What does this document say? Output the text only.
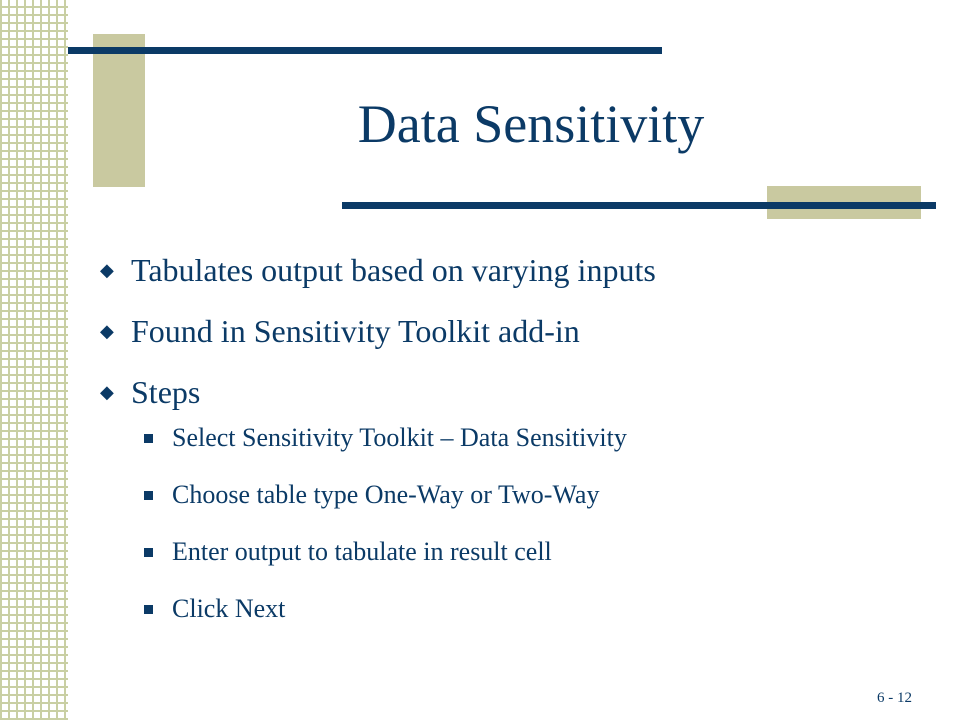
Data Sensitivity
◆ Tabulates output based on varying inputs
◆ Found in Sensitivity Toolkit add-in
◆ Steps
Select Sensitivity Toolkit – Data Sensitivity
Choose table type One-Way or Two-Way
Enter output to tabulate in result cell
Click Next
6 - 12
